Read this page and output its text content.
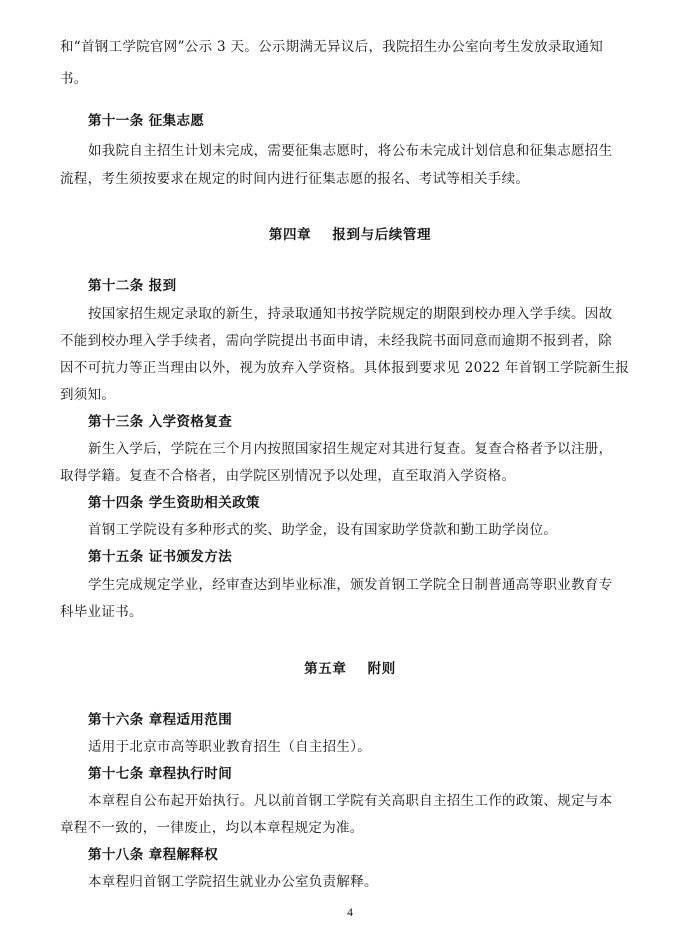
和“首钢工学院官网”公示 3 天。公示期满无异议后，我院招生办公室向考生发放录取通知
书。
第十一条 征集志愿
如我院自主招生计划未完成，需要征集志愿时，将公布未完成计划信息和征集志愿招生
流程，考生须按要求在规定的时间内进行征集志愿的报名、考试等相关手续。
第四章    报到与后续管理
第十二条 报到
按国家招生规定录取的新生，持录取通知书按学院规定的期限到校办理入学手续。因故
不能到校办理入学手续者，需向学院提出书面申请，未经我院书面同意而逾期不报到者，除
因不可抗力等正当理由以外，视为放弃入学资格。具体报到要求见 2022 年首钢工学院新生报
到须知。
第十三条 入学资格复查
新生入学后，学院在三个月内按照国家招生规定对其进行复查。复查合格者予以注册，
取得学籍。复查不合格者，由学院区别情况予以处理，直至取消入学资格。
第十四条 学生资助相关政策
首钢工学院设有多种形式的奖、助学金，设有国家助学贷款和勤工助学岗位。
第十五条 证书颁发方法
学生完成规定学业，经审查达到毕业标准，颁发首钢工学院全日制普通高等职业教育专
科毕业证书。
第五章    附则
第十六条 章程适用范围
适用于北京市高等职业教育招生（自主招生）。
第十七条 章程执行时间
本章程自公布起开始执行。凡以前首钢工学院有关高职自主招生工作的政策、规定与本
章程不一致的，一律废止，均以本章程规定为准。
第十八条 章程解释权
本章程归首钢工学院招生就业办公室负责解释。
4
